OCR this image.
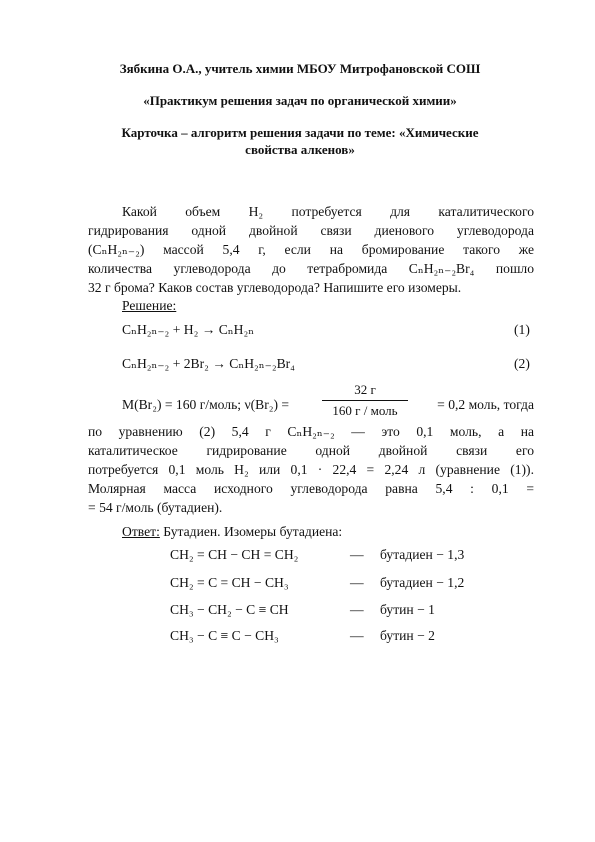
Зябкина О.А., учитель химии МБОУ Митрофановской СОШ
«Практикум решения задач по органической химии»
Карточка – алгоритм решения задачи по теме: «Химические свойства алкенов»
Какой объем H₂ потребуется для каталитического
гидрирования одной двойной связи диенового углеводорода
(CₙH₂ₙ₋₂) массой 5,4 г, если на бромирование такого же
количества углеводорода до тетрабромида CₙH₂ₙ₋₂Br₄ пошло
32 г брома? Каков состав углеводорода? Напишите его изомеры.
Решение:
CₙH₂ₙ₋₂ + H₂ → CₙH₂ₙ	(1)
CₙH₂ₙ₋₂ + 2Br₂ → CₙH₂ₙ₋₂Br₄	(2)
M(Br₂) = 160 г/моль; ν(Br₂) =
32 г
160 г / моль	= 0,2 моль, тогда
по уравнению (2) 5,4 г CₙH₂ₙ₋₂ — это 0,1 моль, а на
каталитическое гидрирование одной двойной связи его
потребуется 0,1 моль H₂ или 0,1 · 22,4 = 2,24 л (уравнение (1)).
Молярная масса исходного углеводорода равна 5,4 : 0,1 =
= 54 г/моль (бутадиен).
Ответ: Бутадиен. Изомеры бутадиена:
CH₂ = CH − CH = CH₂	— бутадиен − 1,3
CH₂ = C = CH − CH₃	— бутадиен − 1,2
CH₃ − CH₂ − C ≡ CH	— бутин − 1
CH₃ − C ≡ C − CH₃	— бутин − 2
